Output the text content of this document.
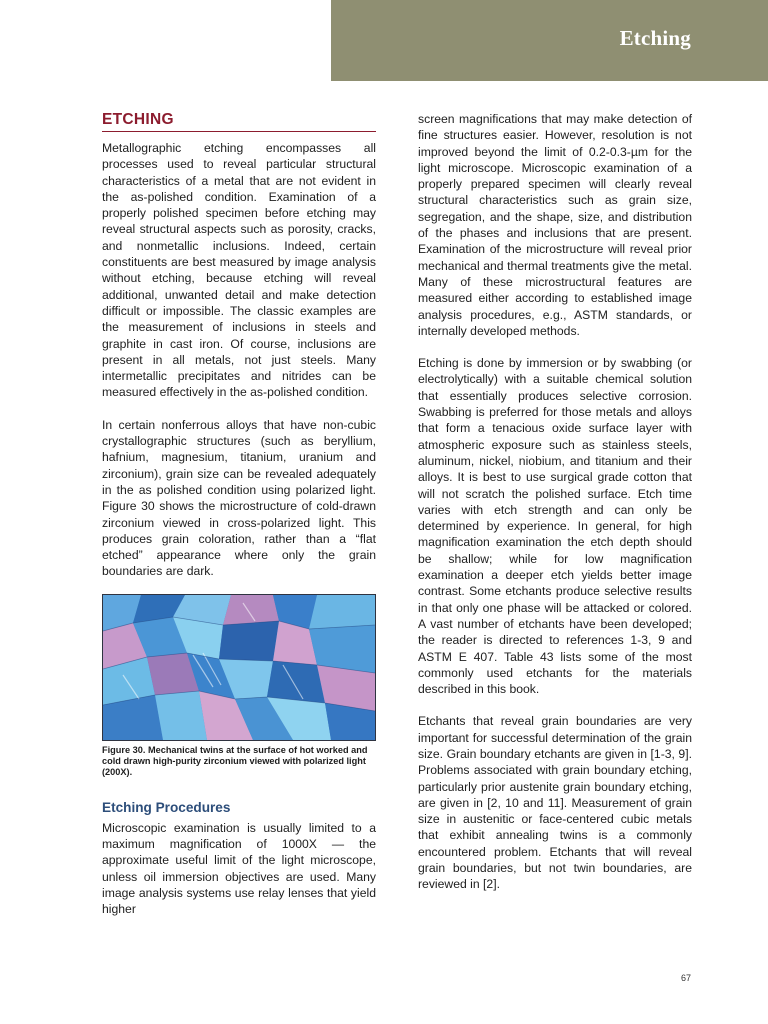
Etching
ETCHING

Metallographic etching encompasses all processes used to reveal particular structural characteristics of a metal that are not evident in the as-polished condition. Examination of a properly polished specimen before etching may reveal structural aspects such as porosity, cracks, and nonmetallic inclusions. Indeed, certain constituents are best measured by image analysis without etching, because etching will reveal additional, unwanted detail and make detection difficult or impossible. The classic examples are the measurement of inclusions in steels and graphite in cast iron. Of course, inclusions are present in all metals, not just steels. Many intermetallic precipitates and nitrides can be measured effectively in the as-polished condition.

In certain nonferrous alloys that have non-cubic crystallographic structures (such as beryllium, hafnium, magnesium, titanium, uranium and zirconium), grain size can be revealed adequately in the as polished condition using polarized light. Figure 30 shows the microstructure of cold-drawn zirconium viewed in cross-polarized light. This produces grain coloration, rather than a “flat etched” appearance where only the grain boundaries are dark.

Figure 30. Mechanical twins at the surface of hot worked and cold drawn high-purity zirconium viewed with polarized light (200X).

Etching Procedures

Microscopic examination is usually limited to a maximum magnification of 1000X — the approximate useful limit of the light microscope, unless oil immersion objectives are used. Many image analysis systems use relay lenses that yield higher

screen magnifications that may make detection of fine structures easier. However, resolution is not improved beyond the limit of 0.2-0.3-µm for the light microscope. Microscopic examination of a properly prepared specimen will clearly reveal structural characteristics such as grain size, segregation, and the shape, size, and distribution of the phases and inclusions that are present. Examination of the microstructure will reveal prior mechanical and thermal treatments give the metal. Many of these microstructural features are measured either according to established image analysis procedures, e.g., ASTM standards, or internally developed methods.

Etching is done by immersion or by swabbing (or electrolytically) with a suitable chemical solution that essentially produces selective corrosion. Swabbing is preferred for those metals and alloys that form a tenacious oxide surface layer with atmospheric exposure such as stainless steels, aluminum, nickel, niobium, and titanium and their alloys. It is best to use surgical grade cotton that will not scratch the polished surface. Etch time varies with etch strength and can only be determined by experience. In general, for high magnification examination the etch depth should be shallow; while for low magnification examination a deeper etch yields better image contrast. Some etchants produce selective results in that only one phase will be attacked or colored. A vast number of etchants have been developed; the reader is directed to references 1-3, 9 and ASTM E 407. Table 43 lists some of the most commonly used etchants for the materials described in this book.

Etchants that reveal grain boundaries are very important for successful determination of the grain size. Grain boundary etchants are given in [1-3, 9]. Problems associated with grain boundary etching, particularly prior austenite grain boundary etching, are given in [2, 10 and 11]. Measurement of grain size in austenitic or face-centered cubic metals that exhibit annealing twins is a commonly encountered problem. Etchants that will reveal grain boundaries, but not twin boundaries, are reviewed in [2].

67
